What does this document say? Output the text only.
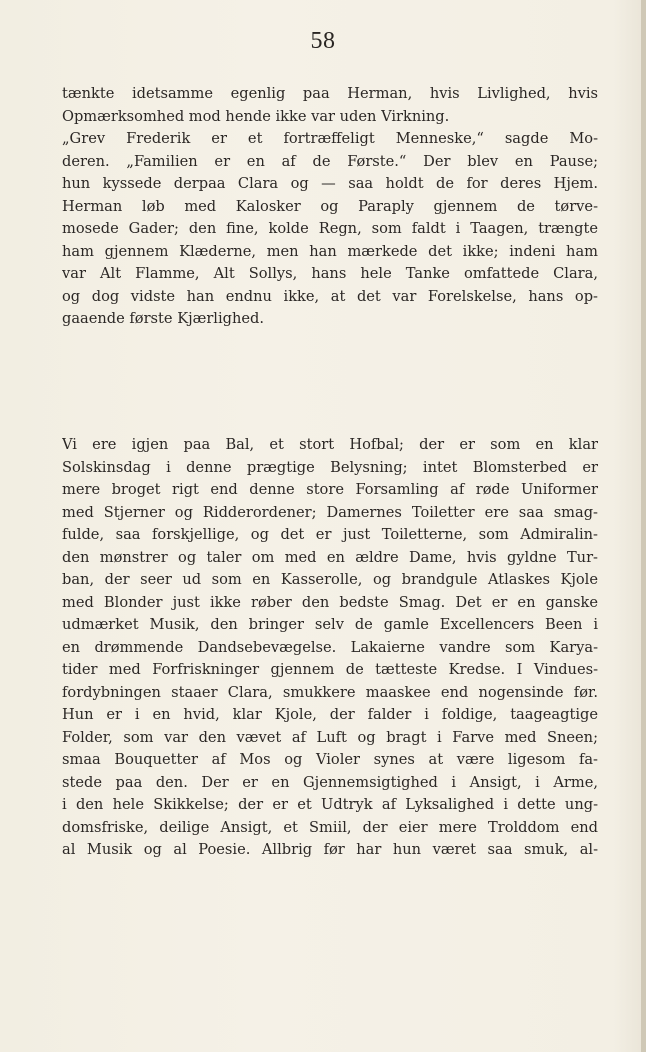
58
tænkte idetsamme egenlig paa Herman, hvis Livlighed, hvis
Opmærksomhed mod hende ikke var uden Virkning.
„Grev Frederik er et fortræffeligt Menneske,“ sagde Mo-
deren. „Familien er en af de Første.“ Der blev en Pause;
hun kyssede derpaa Clara og — saa holdt de for deres Hjem.
Herman løb med Kalosker og Paraply gjennem de tørve-
mosede Gader; den fine, kolde Regn, som faldt i Taagen, trængte
ham gjennem Klæderne, men han mærkede det ikke; indeni ham
var Alt Flamme, Alt Sollys, hans hele Tanke omfattede Clara,
og dog vidste han endnu ikke, at det var Forelskelse, hans op-
gaaende første Kjærlighed.
Vi ere igjen paa Bal, et stort Hofbal; der er som en klar
Solskinsdag i denne prægtige Belysning; intet Blomsterbed er
mere broget rigt end denne store Forsamling af røde Uniformer
med Stjerner og Ridderordener; Damernes Toiletter ere saa smag-
fulde, saa forskjellige, og det er just Toiletterne, som Admiralin-
den mønstrer og taler om med en ældre Dame, hvis gyldne Tur-
ban, der seer ud som en Kasserolle, og brandgule Atlaskes Kjole
med Blonder just ikke røber den bedste Smag. Det er en ganske
udmærket Musik, den bringer selv de gamle Excellencers Been i
en drømmende Dandsebevægelse. Lakaierne vandre som Karyа-
tider med Forfriskninger gjennem de tætteste Kredse. I Vindues-
fordybningen staaer Clara, smukkere maaskee end nogensinde før.
Hun er i en hvid, klar Kjole, der falder i foldige, taageagtige
Folder, som var den vævet af Luft og bragt i Farve med Sneen;
smaa Bouquetter af Mos og Violer synes at være ligesom fa-
stede paa den. Der er en Gjennemsigtighed i Ansigt, i Arme,
i den hele Skikkelse; der er et Udtryk af Lyksalighed i dette ung-
domsfriske, deilige Ansigt, et Smiil, der eier mere Trolddom end
al Musik og al Poesie. Allbrig før har hun været saa smuk, al-
